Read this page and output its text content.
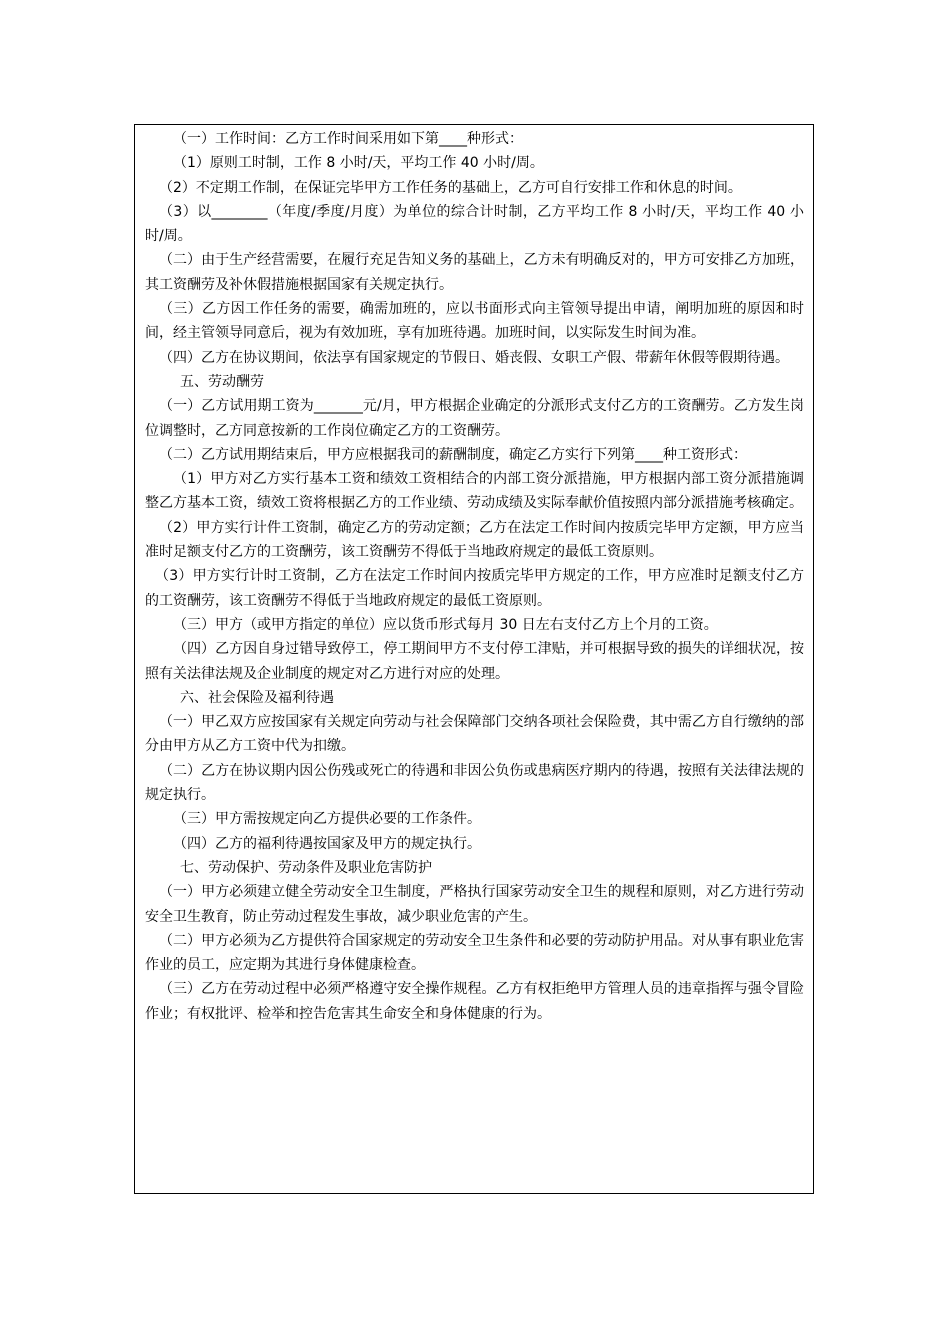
（一）工作时间：乙方工作时间采用如下第____种形式：

（1）原则工时制，工作 8 小时/天，平均工作 40 小时/周。

（2）不定期工作制，在保证完毕甲方工作任务的基础上，乙方可自行安排工作和休息的时间。

（3）以________（年度/季度/月度）为单位的综合计时制，乙方平均工作 8 小时/天，平均工作 40 小时/周。

（二）由于生产经营需要，在履行充足告知义务的基础上，乙方未有明确反对的，甲方可安排乙方加班，其工资酬劳及补休假措施根据国家有关规定执行。

（三）乙方因工作任务的需要，确需加班的，应以书面形式向主管领导提出申请，阐明加班的原因和时间，经主管领导同意后，视为有效加班，享有加班待遇。加班时间，以实际发生时间为准。

（四）乙方在协议期间，依法享有国家规定的节假日、婚丧假、女职工产假、带薪年休假等假期待遇。

五、劳动酬劳

（一）乙方试用期工资为_______元/月，甲方根据企业确定的分派形式支付乙方的工资酬劳。乙方发生岗位调整时，乙方同意按新的工作岗位确定乙方的工资酬劳。

（二）乙方试用期结束后，甲方应根据我司的薪酬制度，确定乙方实行下列第____种工资形式：

（1）甲方对乙方实行基本工资和绩效工资相结合的内部工资分派措施，甲方根据内部工资分派措施调整乙方基本工资，绩效工资将根据乙方的工作业绩、劳动成绩及实际奉献价值按照内部分派措施考核确定。

（2）甲方实行计件工资制，确定乙方的劳动定额；乙方在法定工作时间内按质完毕甲方定额，甲方应当准时足额支付乙方的工资酬劳，该工资酬劳不得低于当地政府规定的最低工资原则。

（3）甲方实行计时工资制，乙方在法定工作时间内按质完毕甲方规定的工作，甲方应准时足额支付乙方的工资酬劳，该工资酬劳不得低于当地政府规定的最低工资原则。

（三）甲方（或甲方指定的单位）应以货币形式每月 30 日左右支付乙方上个月的工资。

（四）乙方因自身过错导致停工，停工期间甲方不支付停工津贴，并可根据导致的损失的详细状况，按照有关法律法规及企业制度的规定对乙方进行对应的处理。

六、社会保险及福利待遇

（一）甲乙双方应按国家有关规定向劳动与社会保障部门交纳各项社会保险费，其中需乙方自行缴纳的部分由甲方从乙方工资中代为扣缴。

（二）乙方在协议期内因公伤残或死亡的待遇和非因公负伤或患病医疗期内的待遇，按照有关法律法规的规定执行。

（三）甲方需按规定向乙方提供必要的工作条件。

（四）乙方的福利待遇按国家及甲方的规定执行。

七、劳动保护、劳动条件及职业危害防护

（一）甲方必须建立健全劳动安全卫生制度，严格执行国家劳动安全卫生的规程和原则，对乙方进行劳动安全卫生教育，防止劳动过程发生事故，减少职业危害的产生。

（二）甲方必须为乙方提供符合国家规定的劳动安全卫生条件和必要的劳动防护用品。对从事有职业危害作业的员工，应定期为其进行身体健康检查。

（三）乙方在劳动过程中必须严格遵守安全操作规程。乙方有权拒绝甲方管理人员的违章指挥与强令冒险作业；有权批评、检举和控告危害其生命安全和身体健康的行为。
